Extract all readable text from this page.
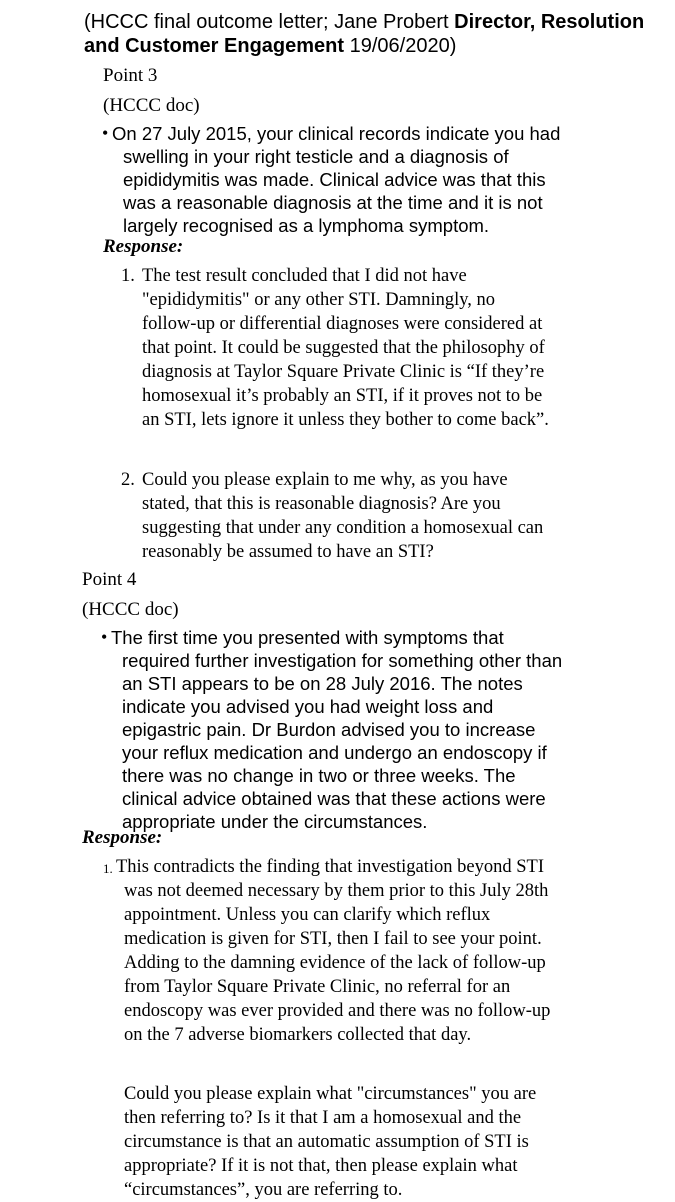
(HCCC final outcome letter; Jane Probert Director, Resolution and Customer Engagement 19/06/2020)
Point 3
(HCCC doc)
• On 27 July 2015, your clinical records indicate you had
swelling in your right testicle and a diagnosis of
epididymitis was made. Clinical advice was that this
was a reasonable diagnosis at the time and it is not
largely recognised as a lymphoma symptom.
Response:
1. The test result concluded that I did not have
"epididymitis" or any other STI. Damningly, no
follow-up or differential diagnoses were considered at
that point. It could be suggested that the philosophy of
diagnosis at Taylor Square Private Clinic is “If they’re
homosexual it’s probably an STI, if it proves not to be
an STI, lets ignore it unless they bother to come back”.
2. Could you please explain to me why, as you have
stated, that this is reasonable diagnosis? Are you
suggesting that under any condition a homosexual can
reasonably be assumed to have an STI?
Point 4
(HCCC doc)
• The first time you presented with symptoms that
required further investigation for something other than
an STI appears to be on 28 July 2016. The notes
indicate you advised you had weight loss and
epigastric pain. Dr Burdon advised you to increase
your reflux medication and undergo an endoscopy if
there was no change in two or three weeks. The
clinical advice obtained was that these actions were
appropriate under the circumstances.
Response:
1. This contradicts the finding that investigation beyond STI
was not deemed necessary by them prior to this July 28th
appointment. Unless you can clarify which reflux
medication is given for STI, then I fail to see your point.
Adding to the damning evidence of the lack of follow-up
from Taylor Square Private Clinic, no referral for an
endoscopy was ever provided and there was no follow-up
on the 7 adverse biomarkers collected that day.
Could you please explain what "circumstances" you are
then referring to? Is it that I am a homosexual and the
circumstance is that an automatic assumption of STI is
appropriate? If it is not that, then please explain what
“circumstances”, you are referring to.
